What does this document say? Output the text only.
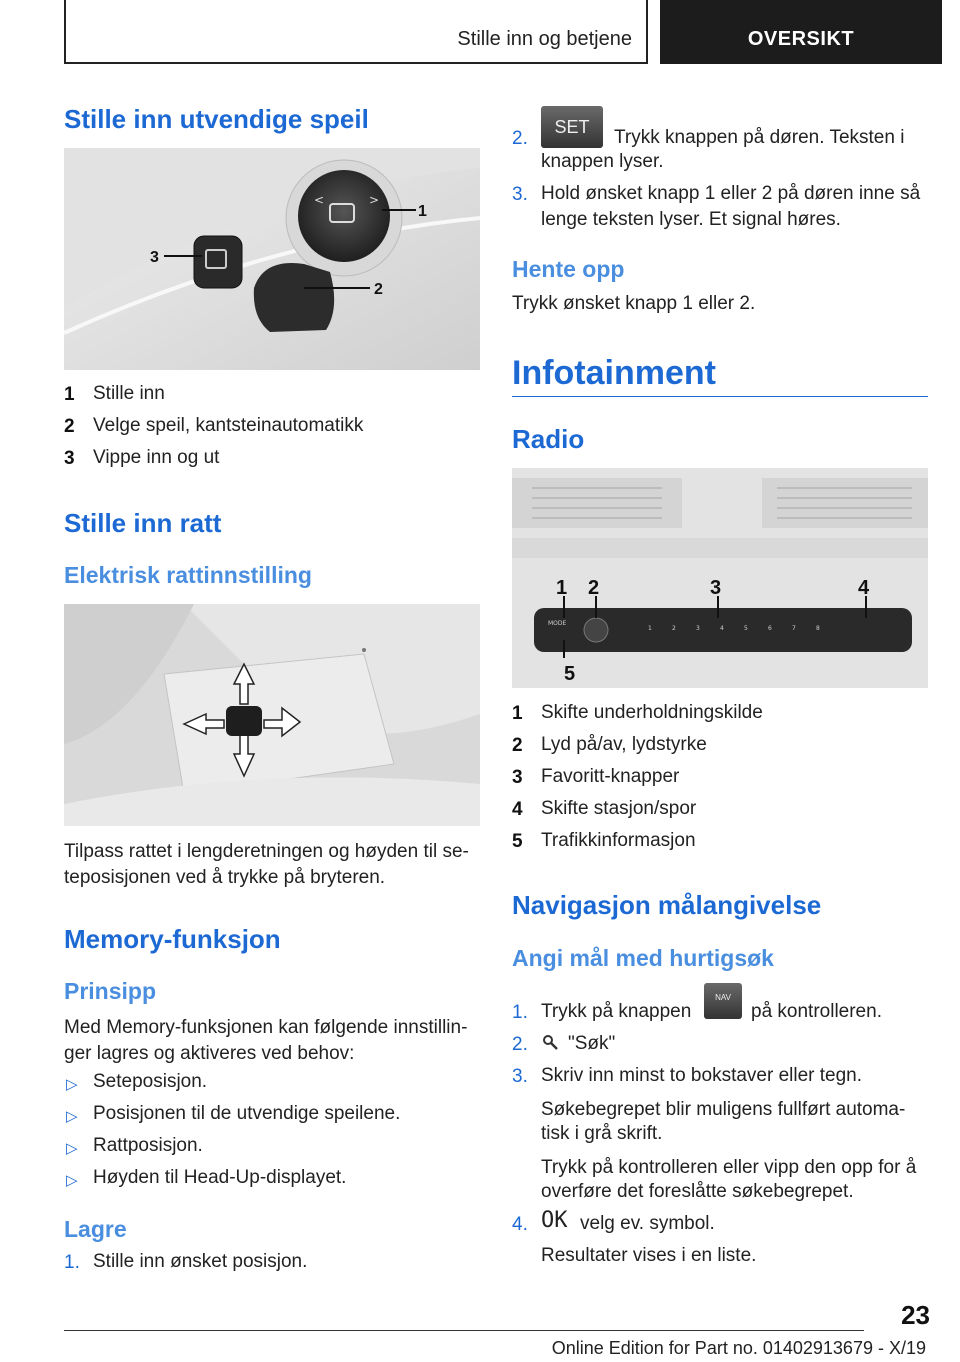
Stille inn og betjene	OVERSIKT
Stille inn utvendige speil
<	>
1
2
3
1 Stille inn
2 Velge speil, kantsteinautomatikk
3 Vippe inn og ut
Stille inn ratt
Elektrisk rattinnstilling
Tilpass rattet i lengderetningen og høyden til se‐
teposisjonen ved å trykke på bryteren.
Memory-funksjon
Prinsipp
Med Memory-funksjonen kan følgende innstillin‐
ger lagres og aktiveres ved behov:
▷ Seteposisjon.
▷ Posisjonen til de utvendige speilene.
▷ Rattposisjon.
▷ Høyden til Head-Up-displayet.
Lagre
1. Stille inn ønsket posisjon.
2.
SET	Trykk knappen på døren. Teksten i
knappen lyser.
3. Hold ønsket knapp 1 eller 2 på døren inne så
lenge teksten lyser. Et signal høres.
Hente opp
Trykk ønsket knapp 1 eller 2.
Infotainment
Radio
MODE
1	2	3	4	5	6	7	8
1 2	3	4
5
1 Skifte underholdningskilde
2 Lyd på/av, lydstyrke
3 Favoritt-knapper
4 Skifte stasjon/spor
5 Trafikkinformasjon
Navigasjon målangivelse
Angi mål med hurtigsøk
1. Trykk på knappen
NAV
på kontrolleren.
2. "Søk"
3. Skriv inn minst to bokstaver eller tegn.
Søkebegrepet blir muligens fullført automa‐
tisk i grå skrift.
Trykk på kontrolleren eller vipp den opp for å
overføre det foreslåtte søkebegrepet.
4. OK velg ev. symbol.
Resultater vises i en liste.
23
Online Edition for Part no. 01402913679 - X/19
